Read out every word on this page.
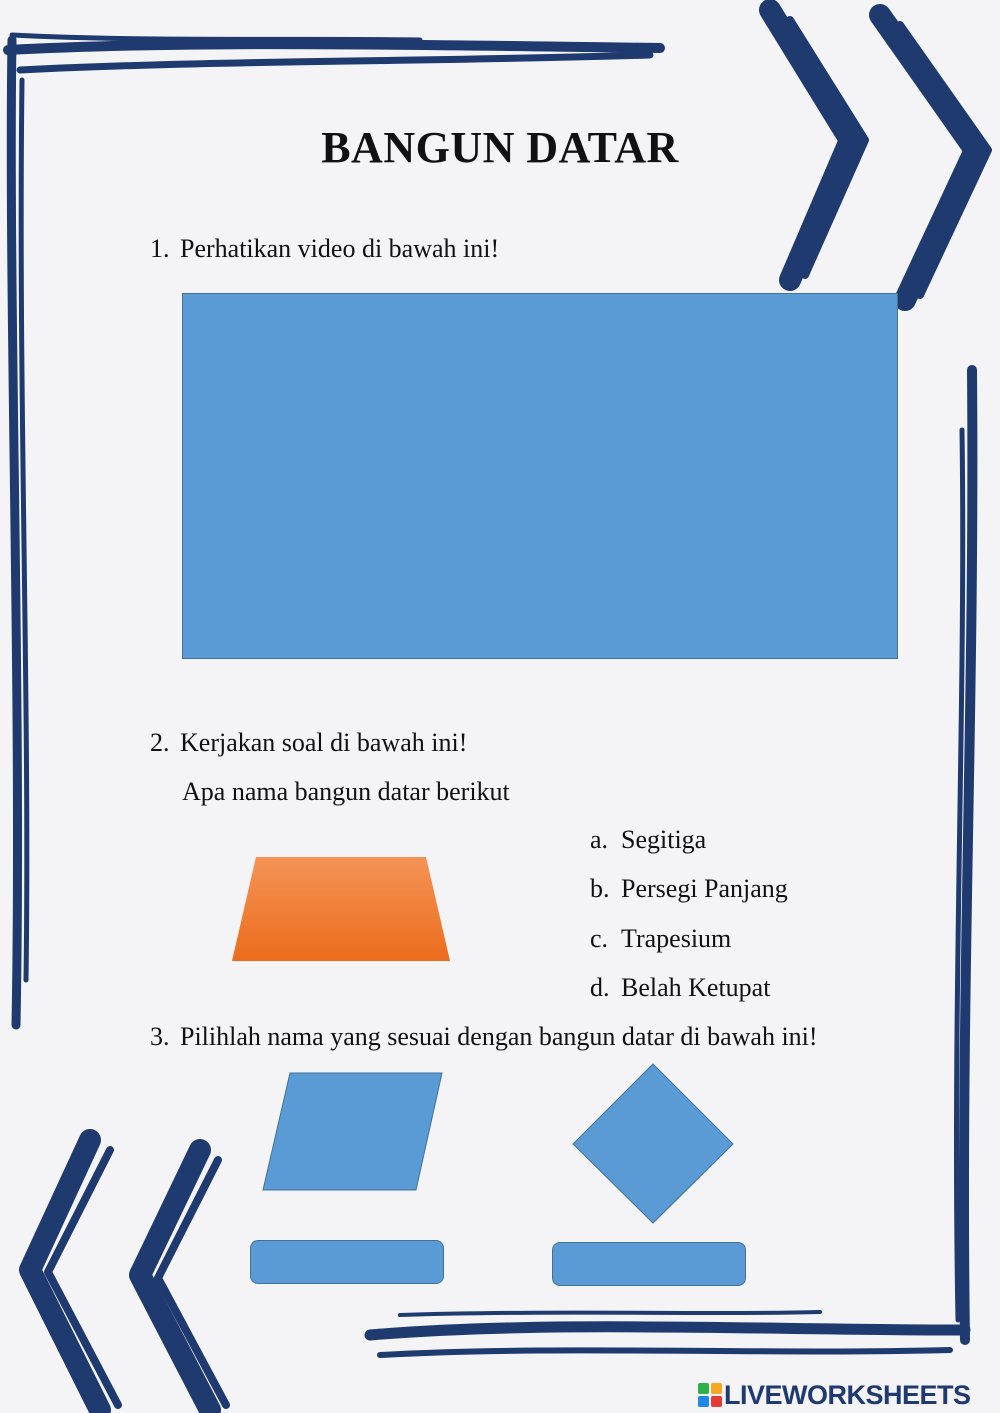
BANGUN DATAR
1. Perhatikan video di bawah ini!
2. Kerjakan soal di bawah ini!
Apa nama bangun datar berikut
a. Segitiga
b. Persegi Panjang
c. Trapesium
d. Belah Ketupat
3. Pilihlah nama yang sesuai dengan bangun datar di bawah ini!
LIVEWORKSHEETS
